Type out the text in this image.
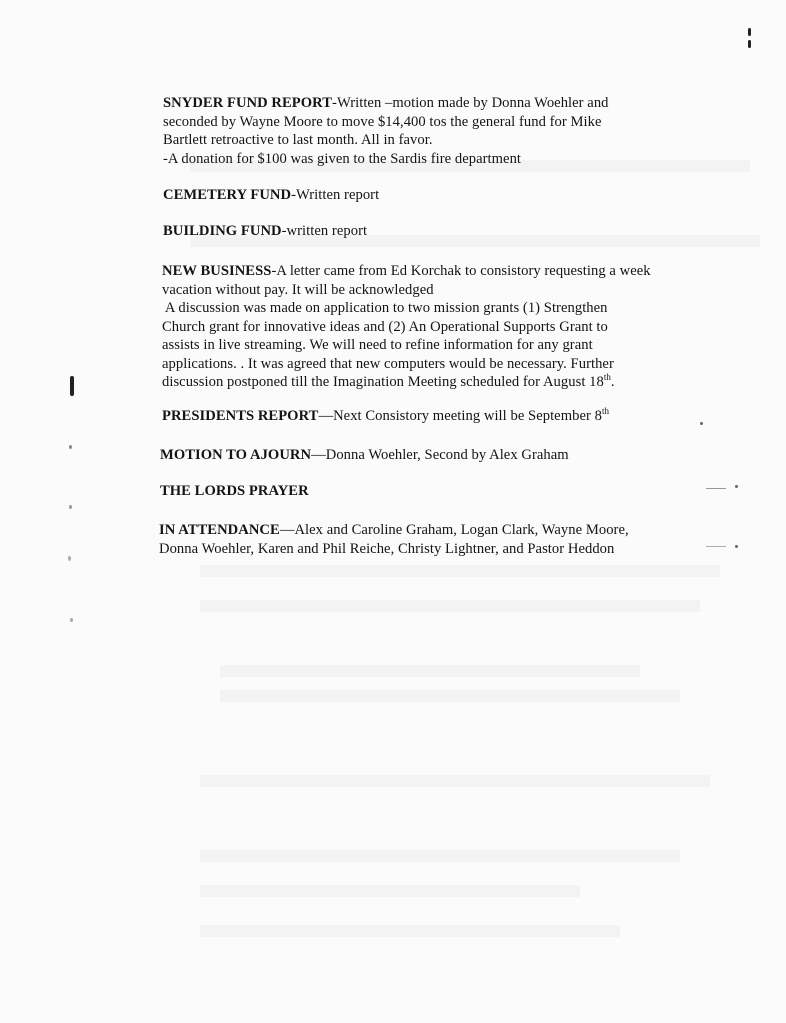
SNYDER FUND REPORT-Written –motion made by Donna Woehler and
seconded by Wayne Moore to move $14,400 tos the general fund for Mike
Bartlett retroactive to last month. All in favor.
-A donation for $100 was given to the Sardis fire department

CEMETERY FUND-Written report

BUILDING FUND-written report

NEW BUSINESS-A letter came from Ed Korchak to consistory requesting a week
vacation without pay. It will be acknowledged
A discussion was made on application to two mission grants (1) Strengthen
Church grant for innovative ideas and (2) An Operational Supports Grant to
assists in live streaming. We will need to refine information for any grant
applications. . It was agreed that new computers would be necessary. Further
discussion postponed till the Imagination Meeting scheduled for August 18th.

PRESIDENTS REPORT—Next Consistory meeting will be September 8th

MOTION TO AJOURN—Donna Woehler, Second by Alex Graham

THE LORDS PRAYER

IN ATTENDANCE—Alex and Caroline Graham, Logan Clark, Wayne Moore,
Donna Woehler, Karen and Phil Reiche, Christy Lightner, and Pastor Heddon
